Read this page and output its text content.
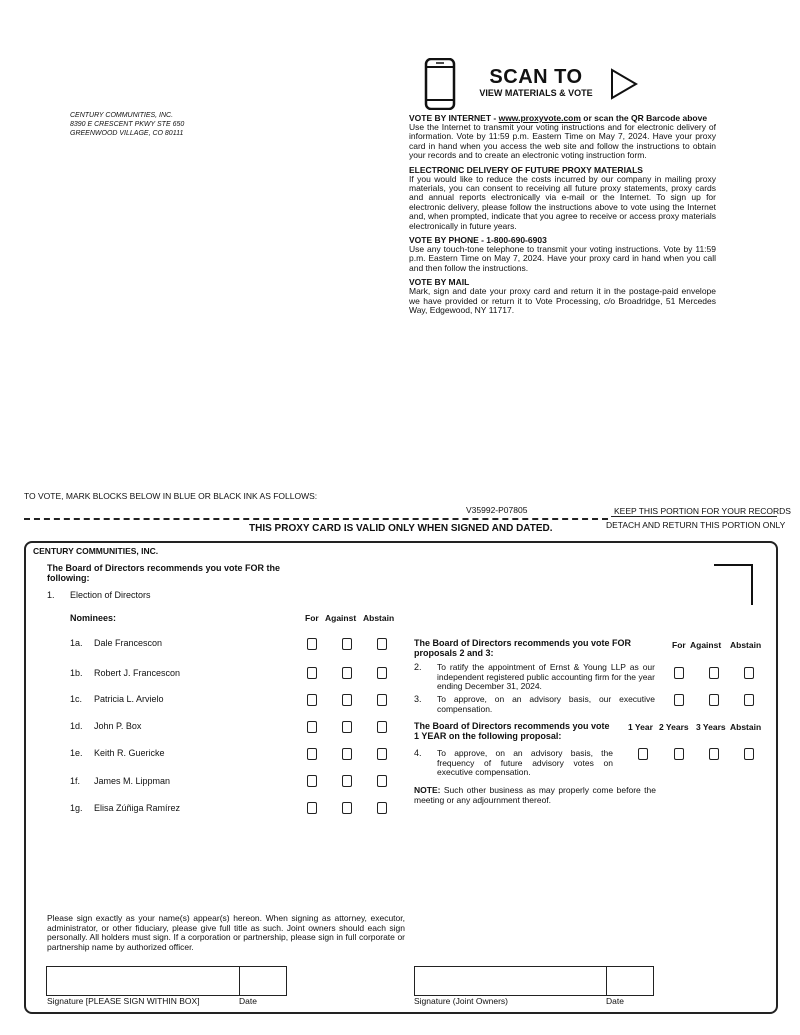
CENTURY COMMUNITIES, INC.
8390 E CRESCENT PKWY STE 650
GREENWOOD VILLAGE, CO 80111
SCAN TO
VIEW MATERIALS & VOTE
VOTE BY INTERNET - www.proxyvote.com or scan the QR Barcode above
Use the Internet to transmit your voting instructions and for electronic delivery of information. Vote by 11:59 p.m. Eastern Time on May 7, 2024. Have your proxy card in hand when you access the web site and follow the instructions to obtain your records and to create an electronic voting instruction form.
ELECTRONIC DELIVERY OF FUTURE PROXY MATERIALS
If you would like to reduce the costs incurred by our company in mailing proxy materials, you can consent to receiving all future proxy statements, proxy cards and annual reports electronically via e-mail or the Internet. To sign up for electronic delivery, please follow the instructions above to vote using the Internet and, when prompted, indicate that you agree to receive or access proxy materials electronically in future years.
VOTE BY PHONE - 1-800-690-6903
Use any touch-tone telephone to transmit your voting instructions. Vote by 11:59 p.m. Eastern Time on May 7, 2024. Have your proxy card in hand when you call and then follow the instructions.
VOTE BY MAIL
Mark, sign and date your proxy card and return it in the postage-paid envelope we have provided or return it to Vote Processing, c/o Broadridge, 51 Mercedes Way, Edgewood, NY 11717.
TO VOTE, MARK BLOCKS BELOW IN BLUE OR BLACK INK AS FOLLOWS:
V35992-P07805	KEEP THIS PORTION FOR YOUR RECORDS
DETACH AND RETURN THIS PORTION ONLY
THIS PROXY CARD IS VALID ONLY WHEN SIGNED AND DATED.
CENTURY COMMUNITIES, INC.
The Board of Directors recommends you vote FOR the following:
1. Election of Directors
Nominees:	For Against Abstain
1a. Dale Francescon
1b. Robert J. Francescon
1c. Patricia L. Arvielo
1d. John P. Box
1e. Keith R. Guericke
1f. James M. Lippman
1g. Elisa Zúñiga Ramírez
The Board of Directors recommends you vote FOR proposals 2 and 3:
For Against Abstain
2. To ratify the appointment of Ernst & Young LLP as our independent registered public accounting firm for the year ending December 31, 2024.
3. To approve, on an advisory basis, our executive compensation.
The Board of Directors recommends you vote 1 YEAR on the following proposal:
1 Year 2 Years 3 Years Abstain
4. To approve, on an advisory basis, the frequency of future advisory votes on executive compensation.
NOTE: Such other business as may properly come before the meeting or any adjournment thereof.
Please sign exactly as your name(s) appear(s) hereon. When signing as attorney, executor, administrator, or other fiduciary, please give full title as such. Joint owners should each sign personally. All holders must sign. If a corporation or partnership, please sign in full corporate or partnership name by authorized officer.
Signature [PLEASE SIGN WITHIN BOX]	Date	Signature (Joint Owners)	Date
